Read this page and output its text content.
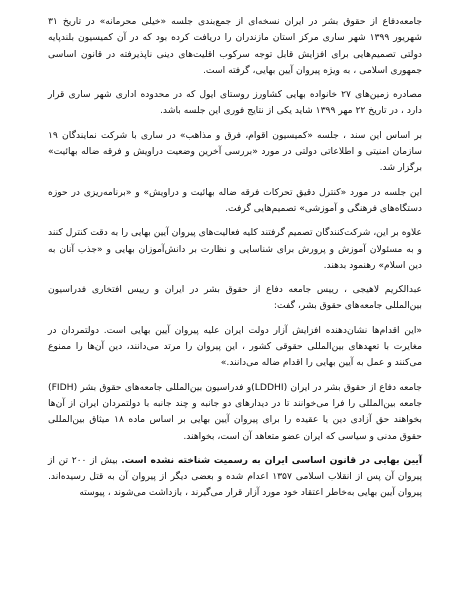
جامعه‌دفاع از حقوق بشر در ایران نسخه‌ای از جمع‌بندی جلسه «خیلی محرمانه» در تاریخ ۳۱ شهریور ۱۳۹۹ شهر ساری مرکز استان مازندران را دریافت کرده بود که در آن کمیسیون بلندپایه دولتی تصمیم‌هایی برای افزایش قابل توجه سرکوب اقلیت‌های دینی ناپذیرفته در قانون اساسی جمهوری اسلامی ، به ویژه پیروان آیین بهایی، گرفته است.

مصادره زمین‌های ۲۷ خانواده بهایی کشاورز روستای ایول که در محدوده اداری شهر ساری قرار دارد ، در تاریخ ۲۲ مهر ۱۳۹۹ شاید یکی از نتایج فوری این جلسه باشد.

بر اساس این سند ، جلسه «کمیسیون اقوام، فرق و مذاهب» در ساری با شرکت نمایندگان ۱۹ سازمان امنیتی و اطلاعاتی دولتی در مورد «بررسی آخرین وضعیت دراویش و فرقه ضاله بهائیت» برگزار شد.

این جلسه در مورد «کنترل دقیق تحرکات فرقه ضاله بهائیت و دراویش» و «برنامه‌ریزی در حوزه دستگاه‌های فرهنگی و آموزشی» تصمیم‌هایی گرفت.

علاوه بر این، شرکت‌کنندگان تصمیم گرفتند کلیه فعالیت‌های پیروان آیین بهایی را به دقت کنترل کنند و به مسئولان آموزش و پرورش برای شناسایی و نظارت بر دانش‌آموزان بهایی و «جذب آنان به دین اسلام» رهنمود بدهند.

عبدالکریم لاهیجی ، رییس جامعه دفاع از حقوق بشر در ایران و رییس افتخاری فدراسیون بین‌المللی جامعه‌های حقوق بشر، گفت:

«این اقدام‌ها نشان‌دهنده افزایش آزار دولت ایران علیه پیروان آیین بهایی است. دولتمردان در مغایرت با تعهدهای بین‌المللی حقوقی کشور ، این پیروان را مرتد می‌دانند، دین آن‌ها را ممنوع می‌کنند و عمل به آیین بهایی را اقدام ضاله می‌دانند.»

جامعه دفاع از حقوق بشر در ایران (LDDHI)و فدراسیون بین‌المللی جامعه‌های حقوق بشر (FIDH) جامعه بین‌المللی را فرا می‌خوانند تا در دیدارهای دو جانبه و چند جانبه با دولتمردان ایران از آن‌ها بخواهند حق آزادی دین یا عقیده را برای پیروان آیین بهایی بر اساس ماده ۱۸ میثاق بین‌المللی حقوق مدنی و سیاسی که ایران عضو متعاهد آن است، بخواهند.

آیین بهایی در قانون اساسی ایران به رسمیت شناخته نشده است. بیش از ۲۰۰ تن از پیروان آن پس از انقلاب اسلامی ۱۳۵۷ اعدام شده و بعضی دیگر از پیروان آن به قتل رسیده‌اند. پیروان آیین بهایی به‌خاطر اعتقاد خود مورد آزار قرار می‌گیرند ، بازداشت می‌شوند ، پیوسته
